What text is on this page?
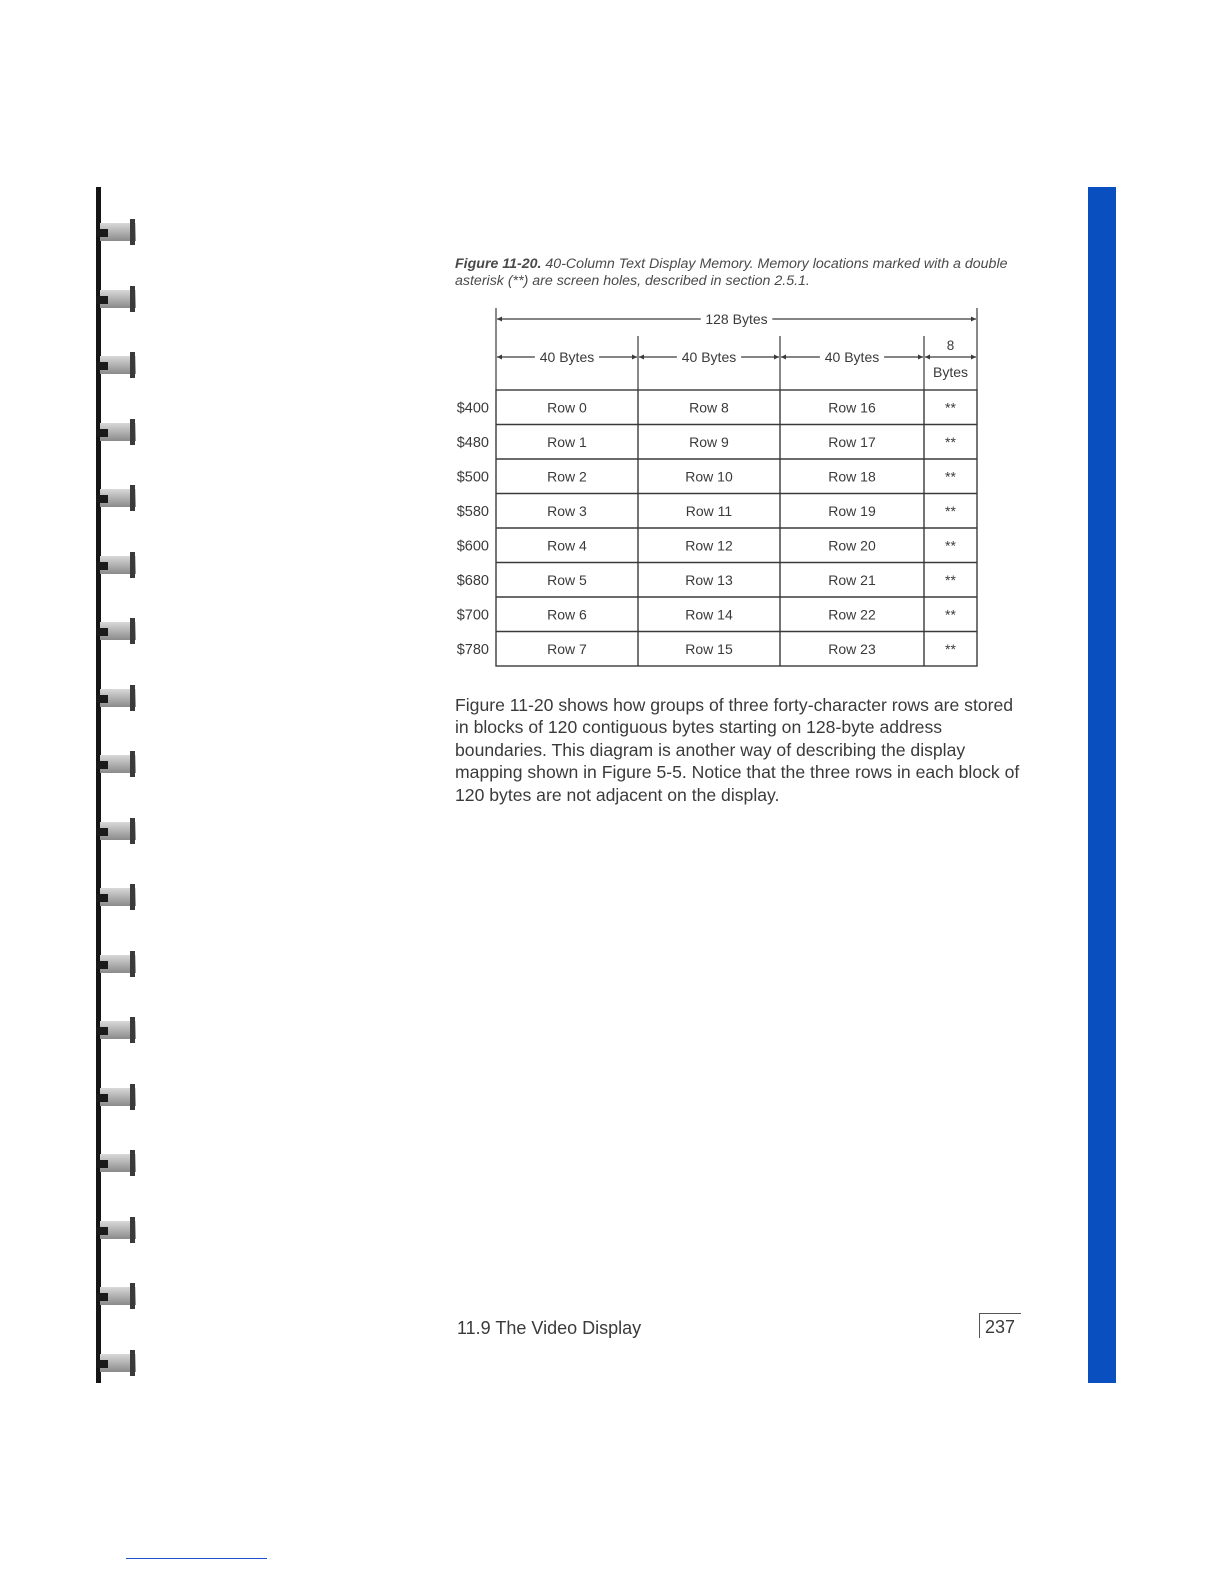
Figure 11-20. 40-Column Text Display Memory. Memory locations marked with a double asterisk (**) are screen holes, described in section 2.5.1.

128 Bytes
40 Bytes	40 Bytes	40 Bytes
8
Bytes
$400	Row 0	Row 8	Row 16	**
$480	Row 1	Row 9	Row 17	**
$500	Row 2	Row 10	Row 18	**
$580	Row 3	Row 11	Row 19	**
$600	Row 4	Row 12	Row 20	**
$680	Row 5	Row 13	Row 21	**
$700	Row 6	Row 14	Row 22	**
$780	Row 7	Row 15	Row 23	**

Figure 11-20 shows how groups of three forty-character rows are stored in blocks of 120 contiguous bytes starting on 128-byte address boundaries. This diagram is another way of describing the display mapping shown in Figure 5-5. Notice that the three rows in each block of 120 bytes are not adjacent on the display.

11.9 The Video Display	237
